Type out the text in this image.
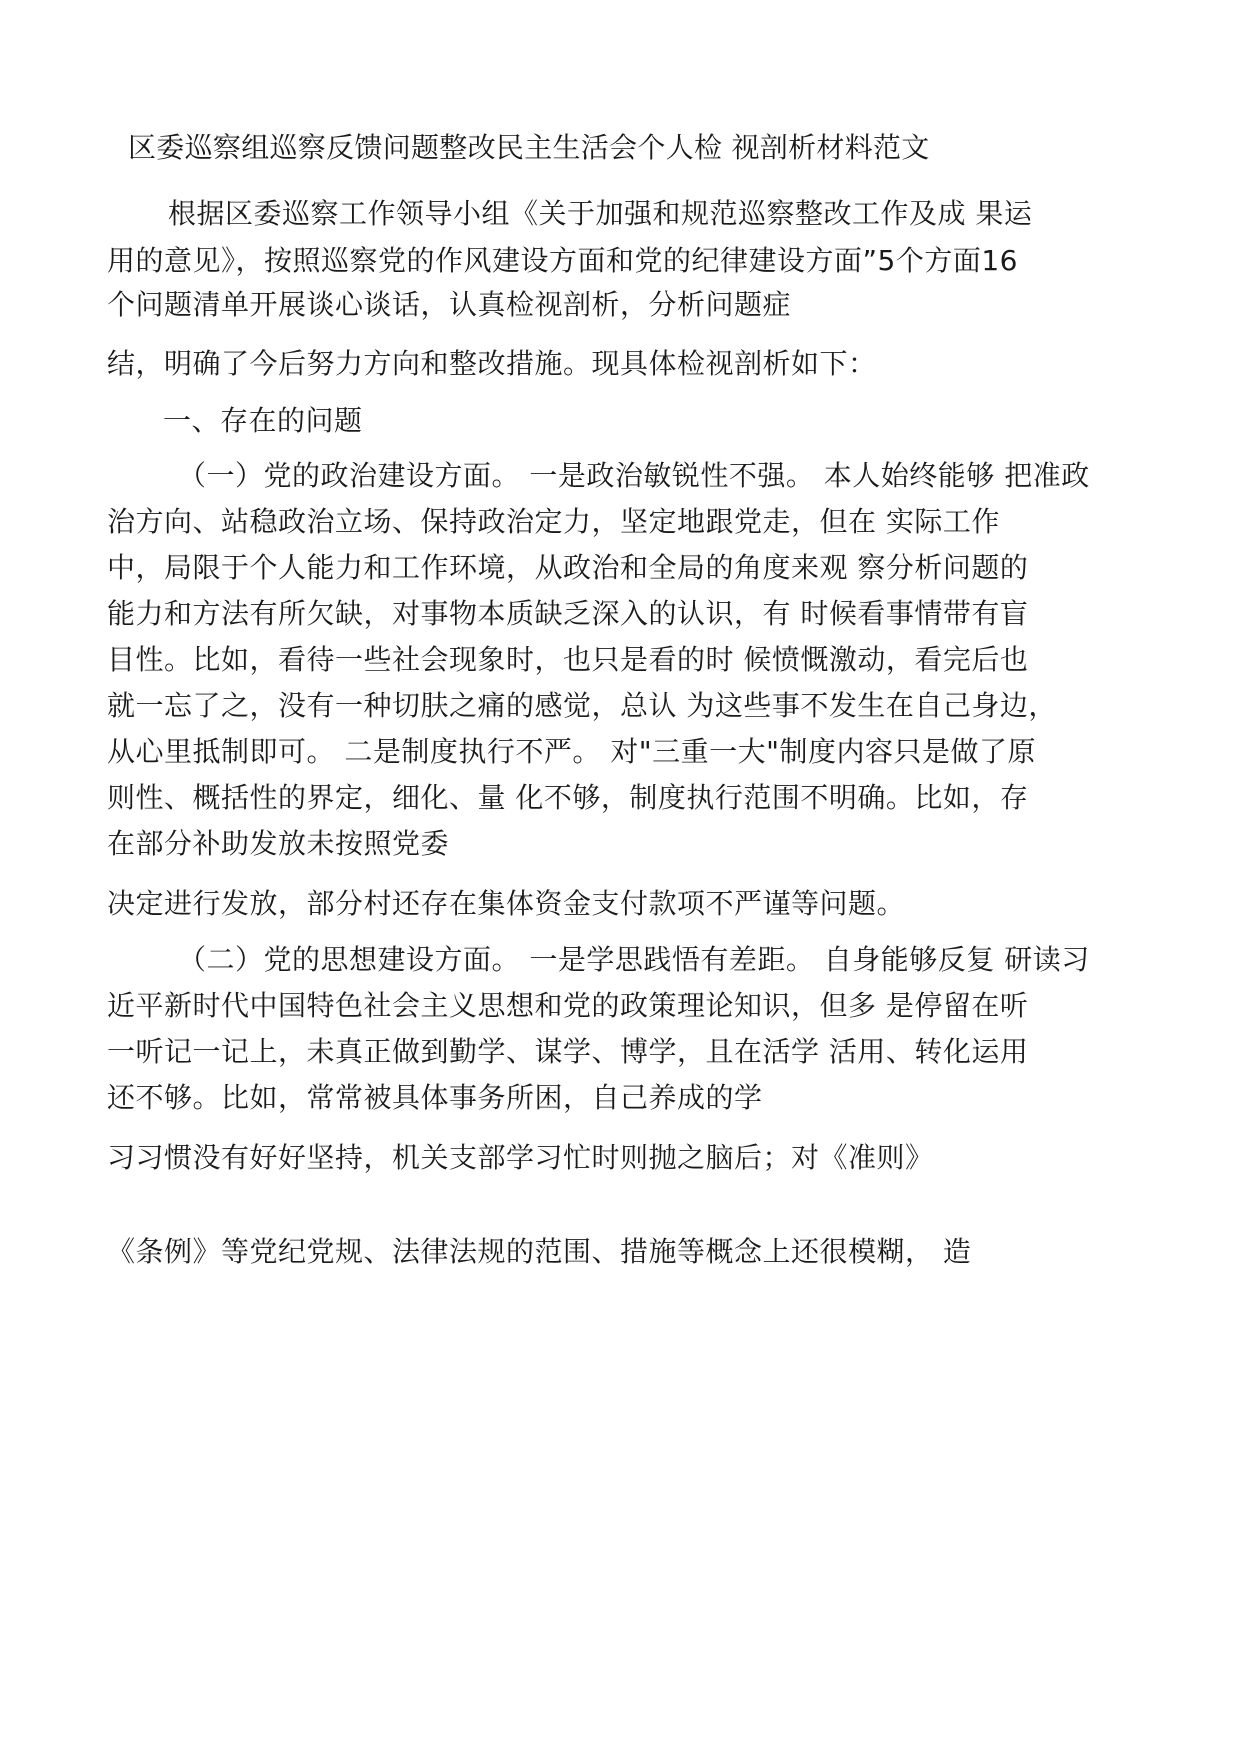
区委巡察组巡察反馈问题整改民主生活会个人检 视剖析材料范文
根据区委巡察工作领导小组《关于加强和规范巡察整改工作及成 果运
用的意见》，按照巡察党的作风建设方面和党的纪律建设方面”5个方面16
个问题清单开展谈心谈话，认真检视剖析，分析问题症
结，明确了今后努力方向和整改措施。现具体检视剖析如下：
一、存在的问题
（一）党的政治建设方面。 一是政治敏锐性不强。 本人始终能够 把准政
治方向、站稳政治立场、保持政治定力，坚定地跟党走，但在 实际工作
中，局限于个人能力和工作环境，从政治和全局的角度来观 察分析问题的
能力和方法有所欠缺，对事物本质缺乏深入的认识，有 时候看事情带有盲
目性。比如，看待一些社会现象时，也只是看的时 候愤慨激动，看完后也
就一忘了之，没有一种切肤之痛的感觉，总认 为这些事不发生在自己身边，
从心里抵制即可。 二是制度执行不严。 对"三重一大"制度内容只是做了原
则性、概括性的界定，细化、量 化不够，制度执行范围不明确。比如，存
在部分补助发放未按照党委
决定进行发放，部分村还存在集体资金支付款项不严谨等问题。
（二）党的思想建设方面。 一是学思践悟有差距。 自身能够反复 研读习
近平新时代中国特色社会主义思想和党的政策理论知识，但多 是停留在听
一听记一记上，未真正做到勤学、谋学、博学，且在活学 活用、转化运用
还不够。比如，常常被具体事务所困，自己养成的学
习习惯没有好好坚持，机关支部学习忙时则抛之脑后；对《准则》
《条例》等党纪党规、法律法规的范围、措施等概念上还很模糊， 造
